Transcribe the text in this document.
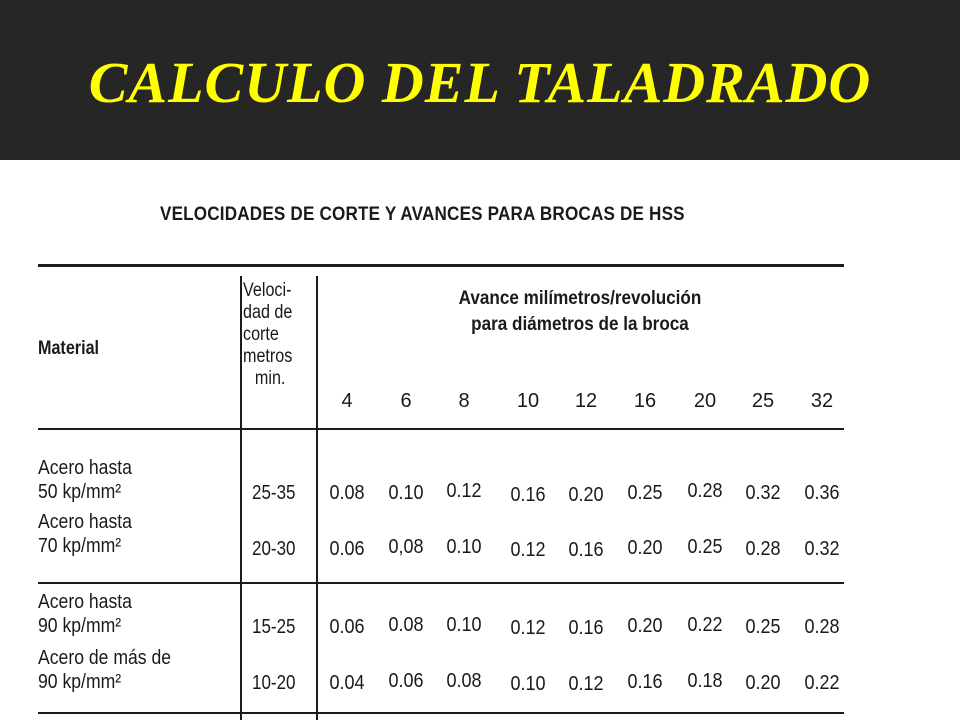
CALCULO DEL TALADRADO
VELOCIDADES DE CORTE Y AVANCES PARA BROCAS DE HSS
Material
Veloci-
dad de
corte
metros
min.
Avance milímetros/revolución
para diámetros de la broca
4	6	8	10	12	16	20	25	32
Acero hasta
50 kp/mm²	25-35	0.08	0.10	0.12	0.16	0.20	0.25	0.28	0.32	0.36
Acero hasta
70 kp/mm²	20-30	0.06	0,08	0.10	0.12	0.16	0.20	0.25	0.28	0.32
Acero hasta
90 kp/mm²	15-25	0.06	0.08	0.10	0.12	0.16	0.20	0.22	0.25	0.28
Acero de más de
90 kp/mm²	10-20	0.04	0.06	0.08	0.10	0.12	0.16	0.18	0.20	0.22
